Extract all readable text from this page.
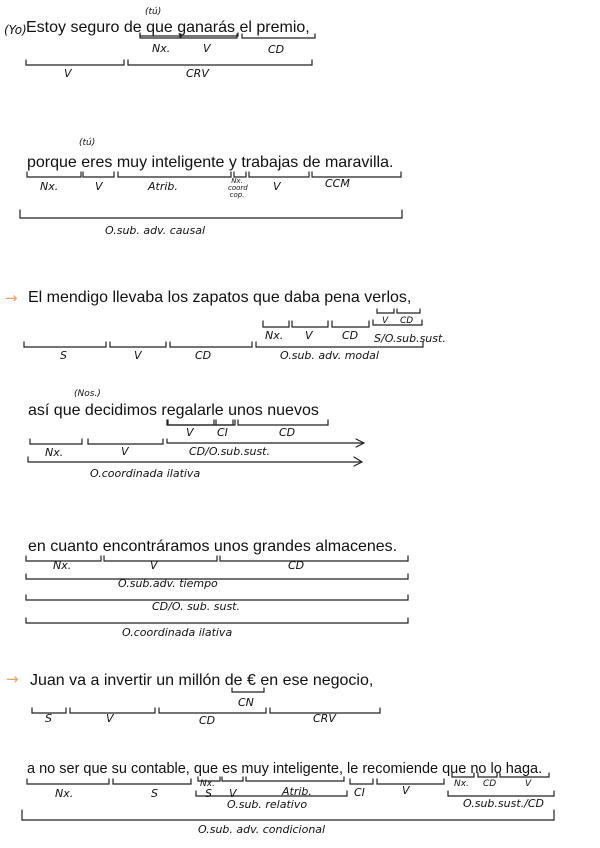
(Yo) Estoy seguro de que ganarás el premio,
porque eres muy inteligente y trabajas de maravilla.
→ El mendigo llevaba los zapatos que daba pena verlos,
así que decidimos regalarle unos nuevos
en cuanto encontráramos unos grandes almacenes.
→ Juan va a invertir un millón de € en ese negocio,
a no ser que su contable, que es muy inteligente, le recomiende que no lo haga.
(tú)
Nx.	V	CD
V	CRV
(tú)
Nx.	V	Atrib.	Nx.
coord
cop.
V	CCM
O.sub. adv. causal
V CD
Nx. V	CD S/O.sub.sust.
S	V	CD	O.sub. adv. modal
(Nos.)
V CI	CD
Nx.	V	CD/O.sub.sust.
O.coordinada ilativa
Nx.	V	CD
O.sub.adv. tiempo
CD/O. sub. sust.
O.coordinada ilativa
CN
S	V	CD	CRV
Nx.	Nx. CD	V
Nx.	S	S V	Atrib.	CI	V
O.sub. relativo	O.sub.sust./CD
O.sub. adv. condicional
